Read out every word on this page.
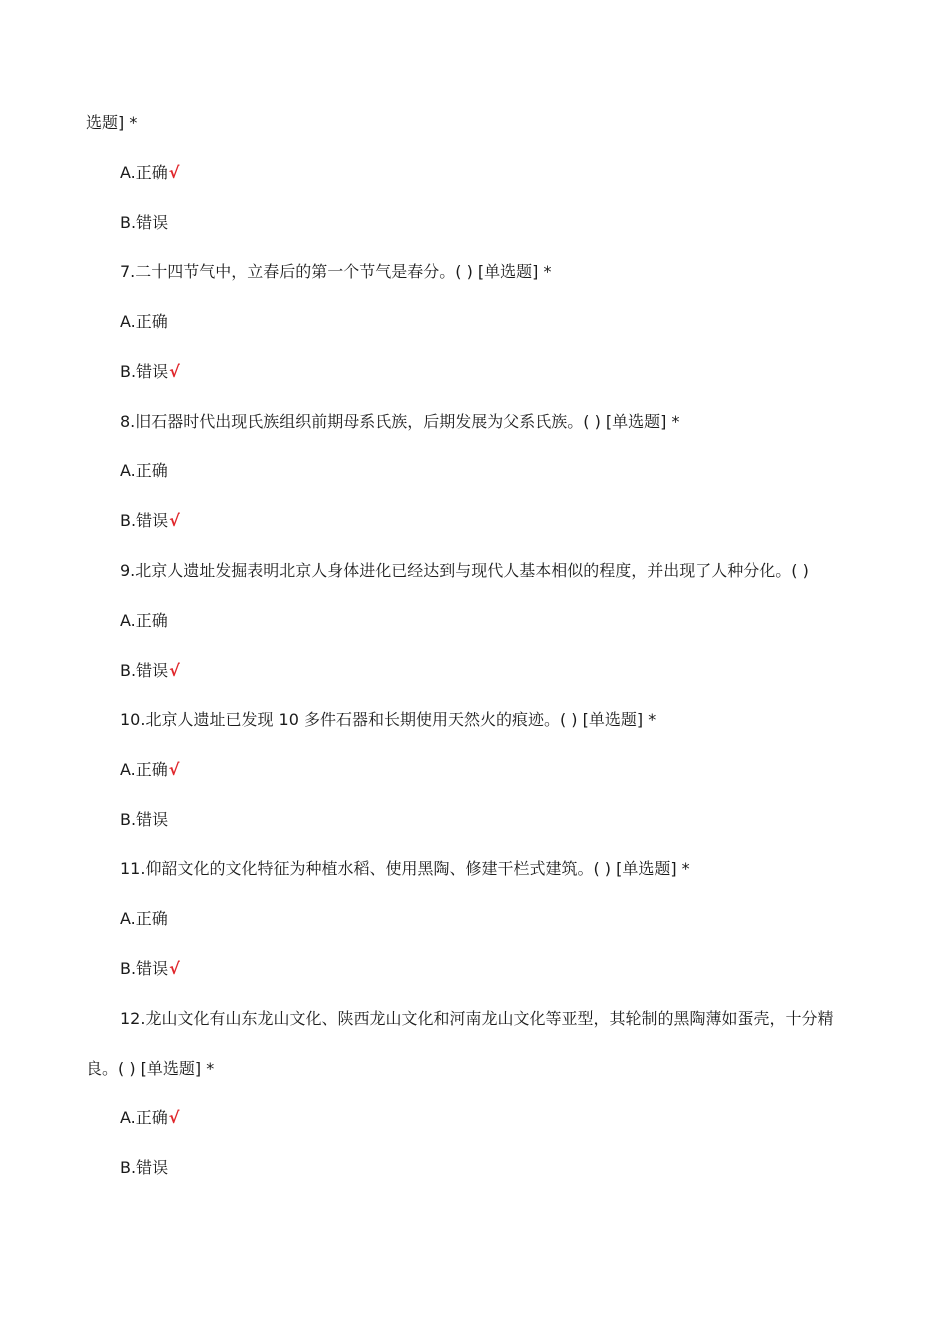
选题] *
A.正确√
B.错误
7.二十四节气中，立春后的第一个节气是春分。( ) [单选题] *
A.正确
B.错误√
8.旧石器时代出现氏族组织前期母系氏族，后期发展为父系氏族。( ) [单选题] *
A.正确
B.错误√
9.北京人遗址发掘表明北京人身体进化已经达到与现代人基本相似的程度，并出现了人种分化。( )
A.正确
B.错误√
10.北京人遗址已发现 10 多件石器和长期使用天然火的痕迹。( ) [单选题] *
A.正确√
B.错误
11.仰韶文化的文化特征为种植水稻、使用黑陶、修建干栏式建筑。( ) [单选题] *
A.正确
B.错误√
12.龙山文化有山东龙山文化、陕西龙山文化和河南龙山文化等亚型，其轮制的黑陶薄如蛋壳，十分精
良。( ) [单选题] *
A.正确√
B.错误
